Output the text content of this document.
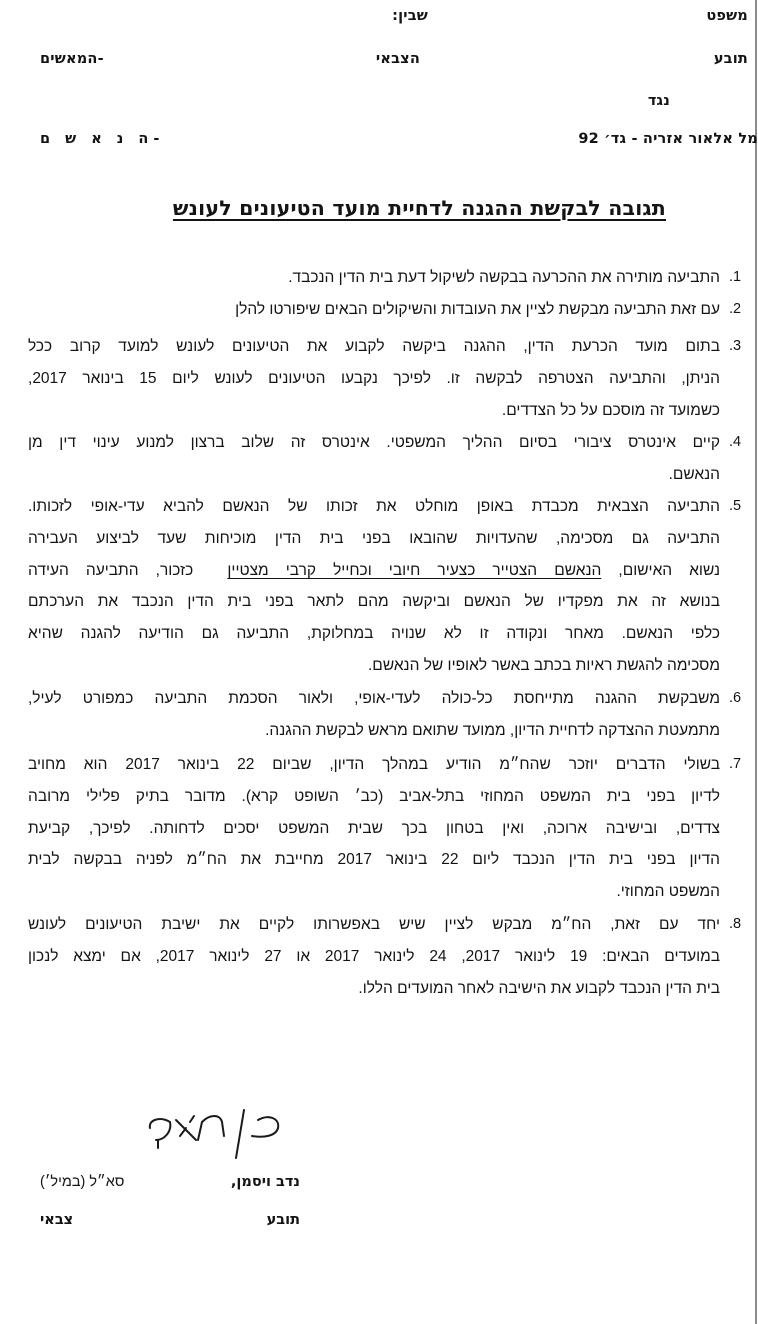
משפט
שבין:
תובע
הצבאי
-המאשים
נגד
מל אלאור אזריה - גד׳ 92
-ה נ א ש ם
תגובה לבקשת ההגנה לדחיית מועד הטיעונים לעונש
1.
התביעה מותירה את ההכרעה בבקשה לשיקול דעת בית הדין הנכבד.
2.
עם זאת התביעה מבקשת לציין את העובדות והשיקולים הבאים שיפורטו להלן
3.
בתום מועד הכרעת הדין, ההגנה ביקשה לקבוע את הטיעונים לעונש למועד קרוב ככל
הניתן, והתביעה הצטרפה לבקשה זו. לפיכך נקבעו הטיעונים לעונש ליום 15 בינואר 2017,
כשמועד זה מוסכם על כל הצדדים.
4.
קיים אינטרס ציבורי בסיום ההליך המשפטי. אינטרס זה שלוב ברצון למנוע עינוי דין מן
הנאשם.
5.
התביעה הצבאית מכבדת באופן מוחלט את זכותו של הנאשם להביא עדי-אופי לזכותו.
התביעה גם מסכימה, שהעדויות שהובאו בפני בית הדין מוכיחות שעד לביצוע העבירה
נשוא האישום, הנאשם הצטייר כצעיר חיובי וכחייל קרבי מצטיין  כזכור, התביעה העידה
בנושא זה את מפקדיו של הנאשם וביקשה מהם לתאר בפני בית הדין הנכבד את הערכתם
כלפי הנאשם. מאחר ונקודה זו לא שנויה במחלוקת, התביעה גם הודיעה להגנה שהיא
מסכימה להגשת ראיות בכתב באשר לאופיו של הנאשם.
6.
משבקשת ההגנה מתייחסת כל-כולה לעדי-אופי, ולאור הסכמת התביעה כמפורט לעיל,
מתמעטת ההצדקה לדחיית הדיון, ממועד שתואם מראש לבקשת ההגנה.
7.
בשולי הדברים יוזכר שהח״מ הודיע במהלך הדיון, שביום 22 בינואר 2017 הוא מחויב
לדיון בפני בית המשפט המחוזי בתל-אביב (כב׳ השופט קרא). מדובר בתיק פלילי מרובה
צדדים, ובישיבה ארוכה, ואין בטחון בכך שבית המשפט יסכים לדחותה. לפיכך, קביעת
הדיון בפני בית הדין הנכבד ליום 22 בינואר 2017 מחייבת את הח״מ לפניה בבקשה לבית
המשפט המחוזי.
8.
יחד עם זאת, הח״מ מבקש לציין שיש באפשרותו לקיים את ישיבת הטיעונים לעונש
במועדים הבאים: 19 לינואר 2017, 24 לינואר 2017 או 27 לינואר 2017, אם ימצא לנכון
בית הדין הנכבד לקבוע את הישיבה לאחר המועדים הללו.
נדב ויסמן,
סא״ל (במיל׳)
תובע
צבאי
